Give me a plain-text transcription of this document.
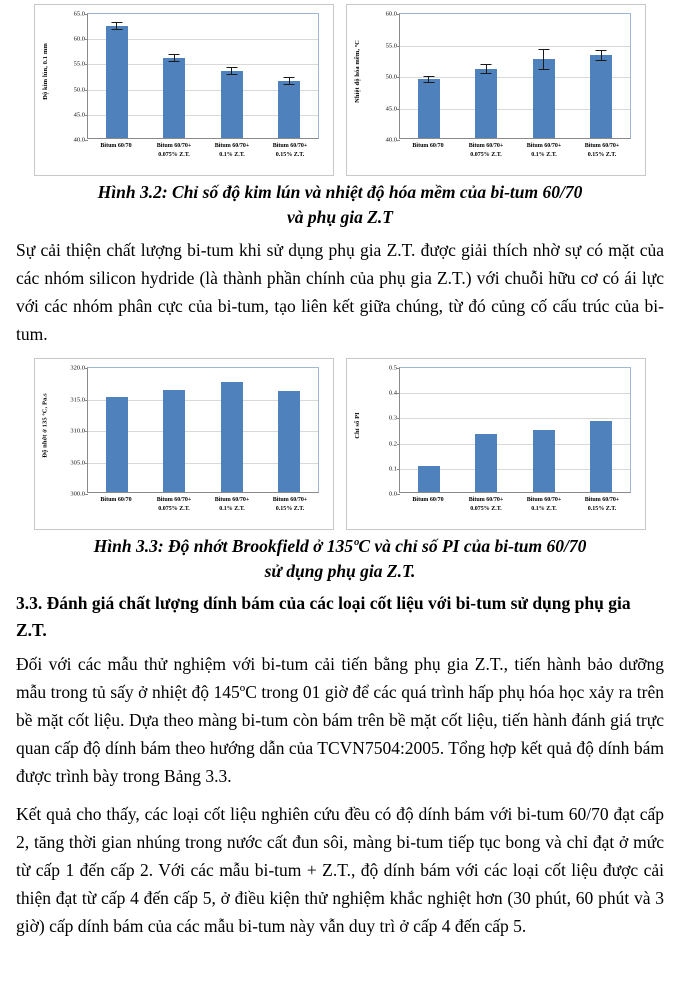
Độ kim lún, 0.1 mm
40.0
45.0
50.0
55.0
60.0
65.0
Bitum 60/70	Bitum 60/70+
0.075% Z.T.
Bitum 60/70+
0.1% Z.T.
Bitum 60/70+
0.15% Z.T.
Nhiệt độ hóa mềm, ºC
40.0
45.0
50.0
55.0
60.0
Bitum 60/70	Bitum 60/70+
0.075% Z.T.
Bitum 60/70+
0.1% Z.T.
Bitum 60/70+
0.15% Z.T.
Hình 3.2: Chỉ số độ kim lún và nhiệt độ hóa mềm của bi-tum 60/70
và phụ gia Z.T
Sự cải thiện chất lượng bi-tum khi sử dụng phụ gia Z.T. được giải thích nhờ sự có mặt của các nhóm silicon hydride (là thành phần chính của phụ gia Z.T.) với chuỗi hữu cơ có ái lực với các nhóm phân cực của bi-tum, tạo liên kết giữa chúng, từ đó củng cố cấu trúc của bi-tum.
Độ nhớt ở 135 ºC, Pa.s
300.0
305.0
310.0
315.0
320.0
Bitum 60/70	Bitum 60/70+
0.075% Z.T.
Bitum 60/70+
0.1% Z.T.
Bitum 60/70+
0.15% Z.T.
Chỉ số PI
0.0
0.1
0.2
0.3
0.4
0.5
Bitum 60/70	Bitum 60/70+
0.075% Z.T.
Bitum 60/70+
0.1% Z.T.
Bitum 60/70+
0.15% Z.T.
Hình 3.3: Độ nhớt Brookfield ở 135ºC và chỉ số PI của bi-tum 60/70
sử dụng phụ gia Z.T.
3.3. Đánh giá chất lượng dính bám của các loại cốt liệu với bi-tum sử dụng phụ gia Z.T.
Đối với các mẫu thử nghiệm với bi-tum cải tiến bằng phụ gia Z.T., tiến hành bảo dưỡng mẫu trong tủ sấy ở nhiệt độ 145ºC trong 01 giờ để các quá trình hấp phụ hóa học xảy ra trên bề mặt cốt liệu. Dựa theo màng bi-tum còn bám trên bề mặt cốt liệu, tiến hành đánh giá trực quan cấp độ dính bám theo hướng dẫn của TCVN7504:2005. Tổng hợp kết quả độ dính bám được trình bày trong Bảng 3.3.
Kết quả cho thấy, các loại cốt liệu nghiên cứu đều có độ dính bám với bi-tum 60/70 đạt cấp 2, tăng thời gian nhúng trong nước cất đun sôi, màng bi-tum tiếp tục bong và chỉ đạt ở mức từ cấp 1 đến cấp 2. Với các mẫu bi-tum + Z.T., độ dính bám với các loại cốt liệu được cải thiện đạt từ cấp 4 đến cấp 5, ở điều kiện thử nghiệm khắc nghiệt hơn (30 phút, 60 phút và 3 giờ) cấp dính bám của các mẫu bi-tum này vẫn duy trì ở cấp 4 đến cấp 5.
